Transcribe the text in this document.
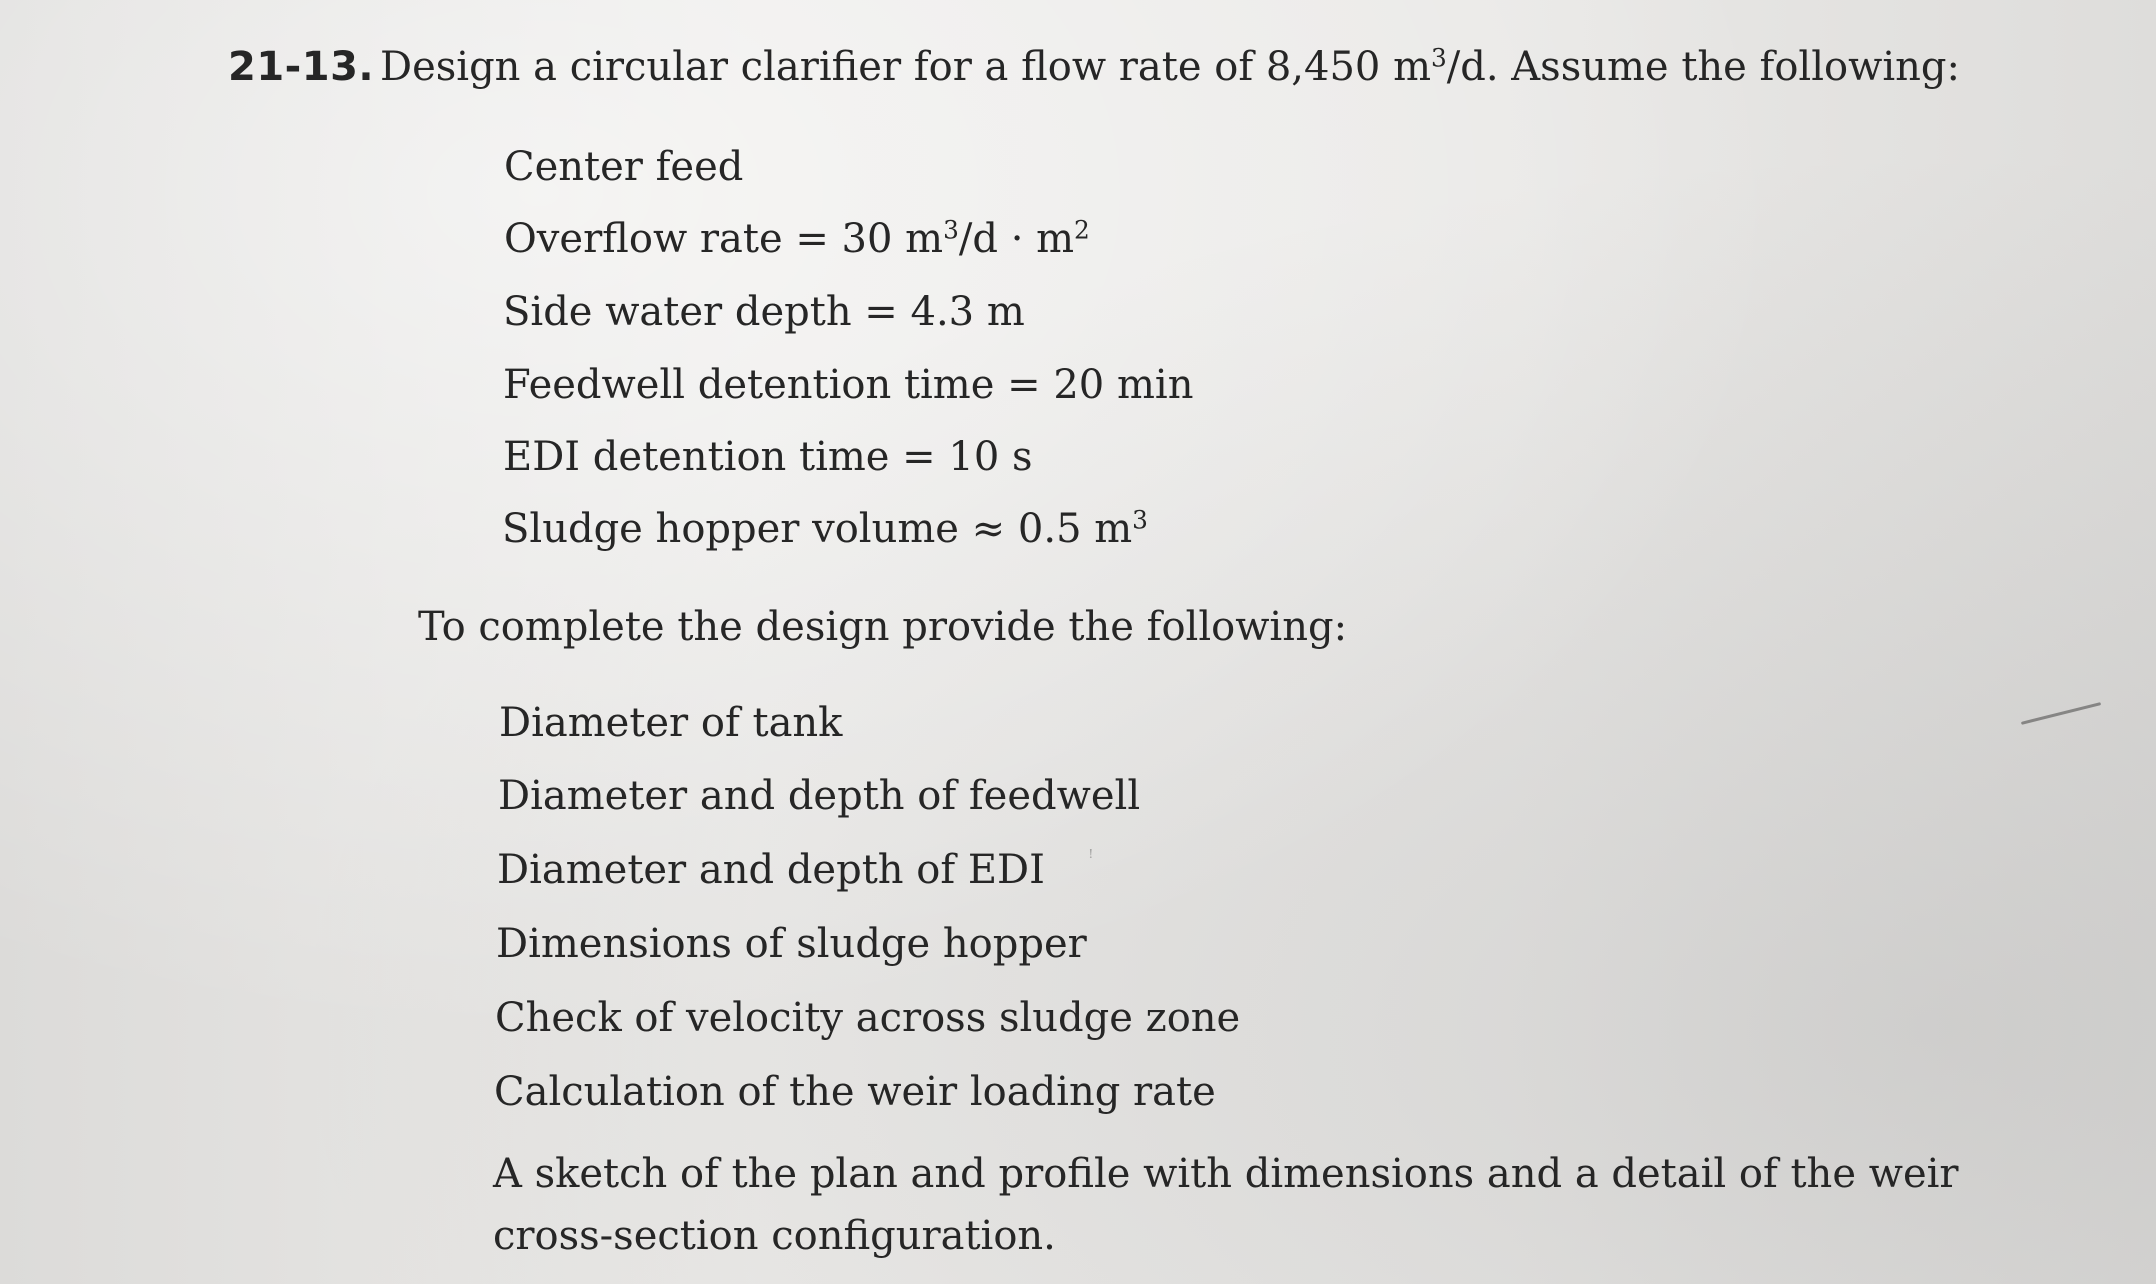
21-13. Design a circular clarifier for a flow rate of 8,450 $m^3/d$. Assume the following:
Center feed
Overflow rate = 30 $m^3/d \cdot m^2$
Side water depth = 4.3 m
Feedwell detention time = 20 min
EDI detention time = 10 s
Sludge hopper volume ≈ 0.5 $m^3$
To complete the design provide the following:
Diameter of tank
Diameter and depth of feedwell
Diameter and depth of EDI
Dimensions of sludge hopper
Check of velocity across sludge zone
Calculation of the weir loading rate
A sketch of the plan and profile with dimensions and a detail of the weir cross-section configuration.
ꜝ
